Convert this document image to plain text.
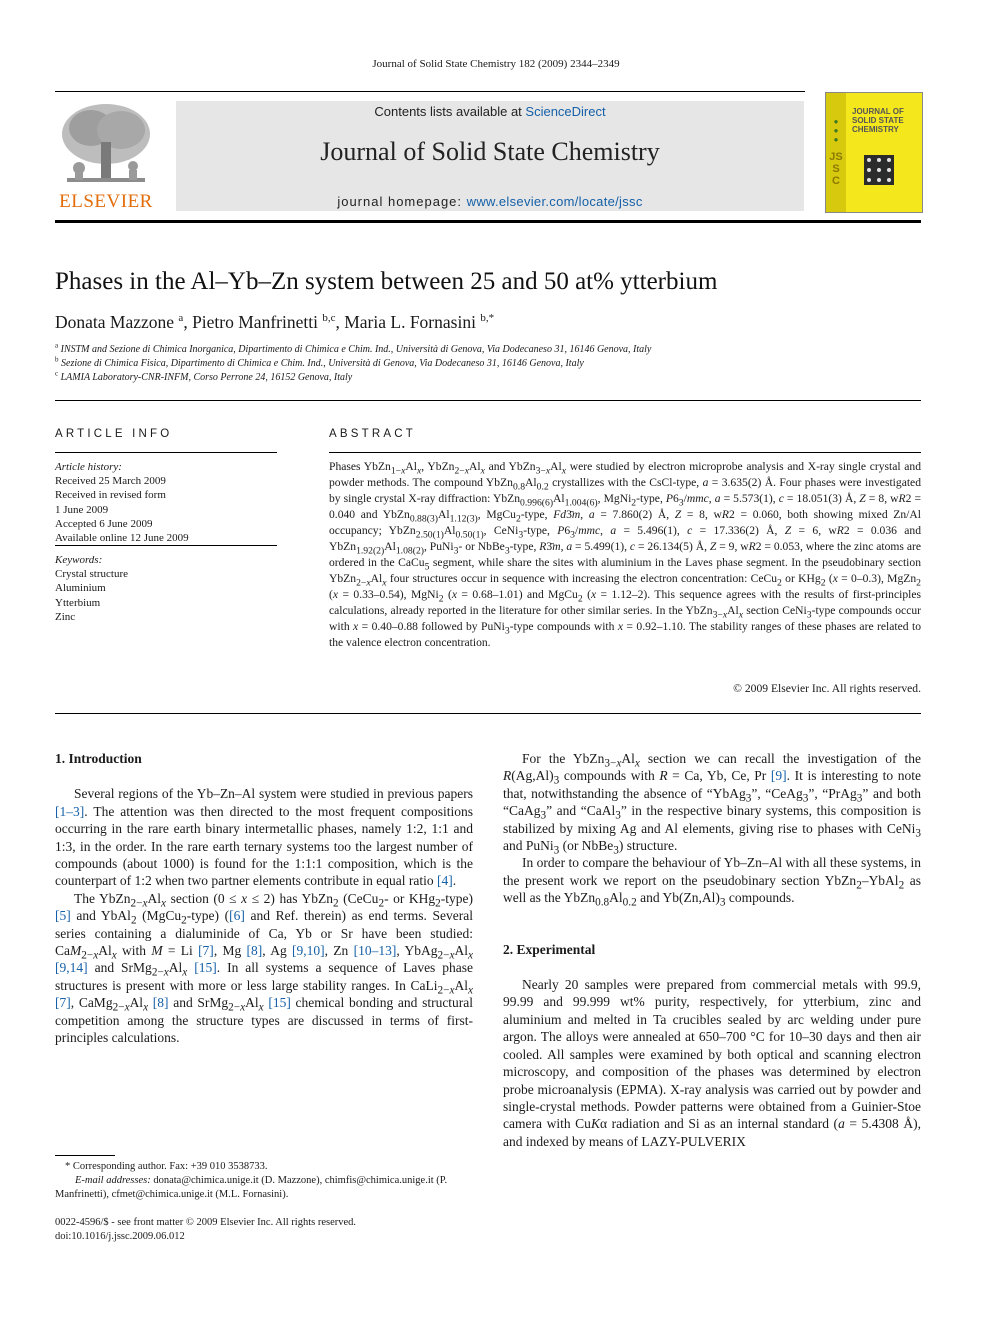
Journal of Solid State Chemistry 182 (2009) 2344–2349
ELSEVIER
Contents lists available at ScienceDirect
Journal of Solid State Chemistry
journal homepage: www.elsevier.com/locate/jssc
●
●
●
JSSC
JOURNAL OF SOLID STATE CHEMISTRY
Phases in the Al–Yb–Zn system between 25 and 50 at% ytterbium
Donata Mazzone $^a$, Pietro Manfrinetti $^{b,c}$, Maria L. Fornasini $^{b,*}$
$^a$ INSTM and Sezione di Chimica Inorganica, Dipartimento di Chimica e Chim. Ind., Università di Genova, Via Dodecaneso 31, 16146 Genova, Italy
$^b$ Sezione di Chimica Fisica, Dipartimento di Chimica e Chim. Ind., Università di Genova, Via Dodecaneso 31, 16146 Genova, Italy
$^c$ LAMIA Laboratory-CNR-INFM, Corso Perrone 24, 16152 Genova, Italy
ARTICLE INFO	ABSTRACT
Article history:
Received 25 March 2009
Received in revised form
1 June 2009
Accepted 6 June 2009
Available online 12 June 2009
Keywords:
Crystal structure
Aluminium
Ytterbium
Zinc
Phases $YbZn_{1-x}Al_x$, $YbZn_{2-x}Al_x$ and $YbZn_{3-x}Al_x$ were studied by electron microprobe analysis and X-ray single crystal and powder methods. The compound $YbZn_{0.8}Al_{0.2}$ crystallizes with the CsCl-type, a = 3.635(2) Å. Four phases were investigated by single crystal X-ray diffraction: $YbZn_{0.996(6)}Al_{1.004(6)}$, MgNi$_2$-type, $P6_3$/mmc, a = 5.573(1), c = 18.051(3) Å, Z = 8, wR2 = 0.040 and $YbZn_{0.88(3)}Al_{1.12(3)}$, MgCu$_2$-type, Fd3̄m, a = 7.860(2) Å, Z = 8, wR2 = 0.060, both showing mixed Zn/Al occupancy; $YbZn_{2.50(1)}Al_{0.50(1)}$, CeNi$_3$-type, $P6_3$/mmc, a = 5.496(1), c = 17.336(2) Å, Z = 6, wR2 = 0.036 and $YbZn_{1.92(2)}Al_{1.08(2)}$, PuNi$_3$- or NbBe$_3$-type, R3̄m, a = 5.499(1), c = 26.134(5) Å, Z = 9, wR2 = 0.053, where the zinc atoms are ordered in the CaCu$_5$ segment, while share the sites with aluminium in the Laves phase segment. In the pseudobinary section $YbZn_{2-x}Al_x$ four structures occur in sequence with increasing the electron concentration: CeCu$_2$ or KHg$_2$ (x = 0–0.3), MgZn$_2$ (x = 0.33–0.54), MgNi$_2$ (x = 0.68–1.01) and MgCu$_2$ (x = 1.12–2). This sequence agrees with the results of first-principles calculations, already reported in the literature for other similar series. In the $YbZn_{3-x}Al_x$ section CeNi$_3$-type compounds occur with x = 0.40–0.88 followed by PuNi$_3$-type compounds with x = 0.92–1.10. The stability ranges of these phases are related to the valence electron concentration.
© 2009 Elsevier Inc. All rights reserved.
1. Introduction

Several regions of the Yb–Zn–Al system were studied in previous papers [1–3]. The attention was then directed to the most frequent compositions occurring in the rare earth binary intermetallic phases, namely 1:2, 1:1 and 1:3, in the order. In the rare earth ternary systems too the largest number of compounds (about 1000) is found for the 1:1:1 composition, which is the counterpart of 1:2 when two partner elements contribute in equal ratio [4].

The $YbZn_{2-x}Al_x$ section (0 ≤ x ≤ 2) has YbZn$_2$ (CeCu$_2$- or KHg$_2$-type) [5] and YbAl$_2$ (MgCu$_2$-type) ([6] and Ref. therein) as end terms. Several series containing a dialuminide of Ca, Yb or Sr have been studied: $CaM_{2-x}Al_x$ with M = Li [7], Mg [8], Ag [9,10], Zn [10–13], $YbAg_{2-x}Al_x$ [9,14] and $SrMg_{2-x}Al_x$ [15]. In all systems a sequence of Laves phase structures is present with more or less large stability ranges. In $CaLi_{2-x}Al_x$ [7], $CaMg_{2-x}Al_x$ [8] and $SrMg_{2-x}Al_x$ [15] chemical bonding and structural competition among the structure types are discussed in terms of first-principles calculations.

For the $YbZn_{3-x}Al_x$ section we can recall the investigation of the $R(Ag,Al)_3$ compounds with R = Ca, Yb, Ce, Pr [9]. It is interesting to note that, notwithstanding the absence of “YbAg$_3$”, “CeAg$_3$”, “PrAg$_3$” and both “CaAg$_3$” and “CaAl$_3$” in the respective binary systems, this composition is stabilized by mixing Ag and Al elements, giving rise to phases with CeNi$_3$ and PuNi$_3$ (or NbBe$_3$) structure.

In order to compare the behaviour of Yb–Zn–Al with all these systems, in the present work we report on the pseudobinary section YbZn$_2$–YbAl$_2$ as well as the $YbZn_{0.8}Al_{0.2}$ and $Yb(Zn,Al)_3$ compounds.

2. Experimental

Nearly 20 samples were prepared from commercial metals with 99.9, 99.99 and 99.999 wt% purity, respectively, for ytterbium, zinc and aluminium and melted in Ta crucibles sealed by arc welding under pure argon. The alloys were annealed at 650–700 °C for 10–30 days and then air cooled. All samples were examined by both optical and scanning electron microscopy, and composition of the phases was determined by electron probe microanalysis (EPMA). X-ray analysis was carried out by powder and single-crystal methods. Powder patterns were obtained from a Guinier-Stoe camera with CuKα radiation and Si as an internal standard (a = 5.4308 Å), and indexed by means of LAZY-PULVERIX

* Corresponding author. Fax: +39 010 3538733.
E-mail addresses: donata@chimica.unige.it (D. Mazzone), chimfis@chimica.unige.it (P. Manfrinetti), cfmet@chimica.unige.it (M.L. Fornasini).
0022-4596/$ - see front matter © 2009 Elsevier Inc. All rights reserved.
doi:10.1016/j.jssc.2009.06.012
